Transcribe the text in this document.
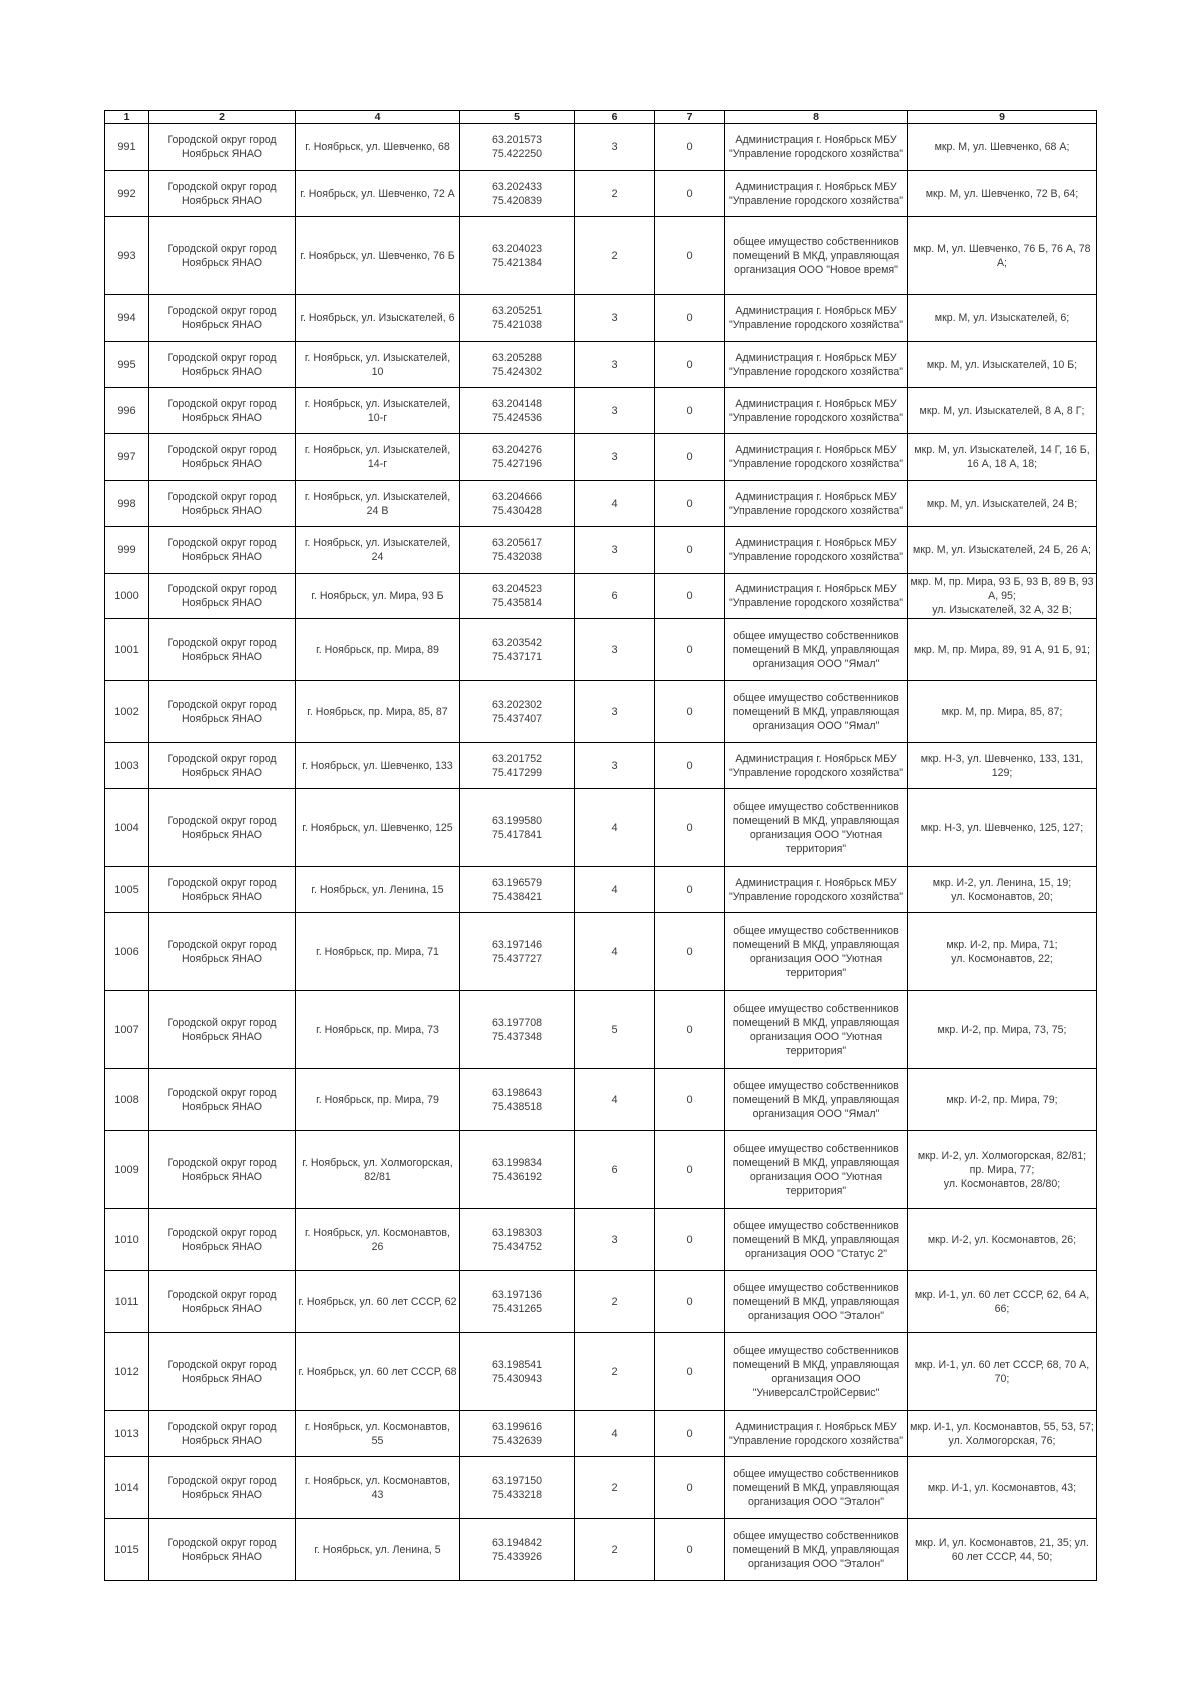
1	2	4	5	6	7	8	9
991	Городской округ город Ноябрьск ЯНАО	г. Ноябрьск, ул. Шевченко, 68	63.201573
75.422250	3	0	Администрация г. Ноябрьск МБУ "Управление городского хозяйства"	мкр. М, ул. Шевченко, 68 А;
992	Городской округ город Ноябрьск ЯНАО	г. Ноябрьск, ул. Шевченко, 72 А	63.202433
75.420839	2	0	Администрация г. Ноябрьск МБУ "Управление городского хозяйства"	мкр. М, ул. Шевченко, 72 В, 64;
993	Городской округ город Ноябрьск ЯНАО	г. Ноябрьск, ул. Шевченко, 76 Б	63.204023
75.421384	2	0	общее имущество собственников помещений В МКД, управляющая организация ООО "Новое время"	мкр. М, ул. Шевченко, 76 Б, 76 А, 78 А;
994	Городской округ город Ноябрьск ЯНАО	г. Ноябрьск, ул. Изыскателей, 6	63.205251
75.421038	3	0	Администрация г. Ноябрьск МБУ "Управление городского хозяйства"	мкр. М, ул. Изыскателей, 6;
995	Городской округ город Ноябрьск ЯНАО	г. Ноябрьск, ул. Изыскателей, 10	63.205288
75.424302	3	0	Администрация г. Ноябрьск МБУ "Управление городского хозяйства"	мкр. М, ул. Изыскателей, 10 Б;
996	Городской округ город Ноябрьск ЯНАО	г. Ноябрьск, ул. Изыскателей, 10-г	63.204148
75.424536	3	0	Администрация г. Ноябрьск МБУ "Управление городского хозяйства"	мкр. М, ул. Изыскателей, 8 А, 8 Г;
997	Городской округ город Ноябрьск ЯНАО	г. Ноябрьск, ул. Изыскателей, 14-г	63.204276
75.427196	3	0	Администрация г. Ноябрьск МБУ "Управление городского хозяйства"	мкр. М, ул. Изыскателей, 14 Г, 16 Б, 16 А, 18 А, 18;
998	Городской округ город Ноябрьск ЯНАО	г. Ноябрьск, ул. Изыскателей, 24 В	63.204666
75.430428	4	0	Администрация г. Ноябрьск МБУ "Управление городского хозяйства"	мкр. М, ул. Изыскателей, 24 В;
999	Городской округ город Ноябрьск ЯНАО	г. Ноябрьск, ул. Изыскателей, 24	63.205617
75.432038	3	0	Администрация г. Ноябрьск МБУ "Управление городского хозяйства"	мкр. М, ул. Изыскателей, 24 Б, 26 А;
1000	Городской округ город Ноябрьск ЯНАО	г. Ноябрьск, ул. Мира, 93 Б	63.204523
75.435814	6	0	Администрация г. Ноябрьск МБУ "Управление городского хозяйства"	мкр. М, пр. Мира, 93 Б, 93 В, 89 В, 93 А, 95;
ул. Изыскателей, 32 А, 32 В;
1001	Городской округ город Ноябрьск ЯНАО	г. Ноябрьск, пр. Мира, 89	63.203542
75.437171	3	0	общее имущество собственников помещений В МКД, управляющая организация ООО "Ямал"	мкр. М, пр. Мира, 89, 91 А, 91 Б, 91;
1002	Городской округ город Ноябрьск ЯНАО	г. Ноябрьск, пр. Мира, 85, 87	63.202302
75.437407	3	0	общее имущество собственников помещений В МКД, управляющая организация ООО "Ямал"	мкр. М, пр. Мира, 85, 87;
1003	Городской округ город Ноябрьск ЯНАО	г. Ноябрьск, ул. Шевченко, 133	63.201752
75.417299	3	0	Администрация г. Ноябрьск МБУ "Управление городского хозяйства"	мкр. Н-3, ул. Шевченко, 133, 131, 129;
1004	Городской округ город Ноябрьск ЯНАО	г. Ноябрьск, ул. Шевченко, 125	63.199580
75.417841	4	0	общее имущество собственников помещений В МКД, управляющая организация ООО "Уютная территория"	мкр. Н-3, ул. Шевченко, 125, 127;
1005	Городской округ город Ноябрьск ЯНАО	г. Ноябрьск, ул. Ленина, 15	63.196579
75.438421	4	0	Администрация г. Ноябрьск МБУ "Управление городского хозяйства"	мкр. И-2, ул. Ленина, 15, 19;
ул. Космонавтов, 20;
1006	Городской округ город Ноябрьск ЯНАО	г. Ноябрьск, пр. Мира, 71	63.197146
75.437727	4	0	общее имущество собственников помещений В МКД, управляющая организация ООО "Уютная территория"	мкр. И-2, пр. Мира, 71;
ул. Космонавтов, 22;
1007	Городской округ город Ноябрьск ЯНАО	г. Ноябрьск, пр. Мира, 73	63.197708
75.437348	5	0	общее имущество собственников помещений В МКД, управляющая организация ООО "Уютная территория"	мкр. И-2, пр. Мира, 73, 75;
1008	Городской округ город Ноябрьск ЯНАО	г. Ноябрьск, пр. Мира, 79	63.198643
75.438518	4	0	общее имущество собственников помещений В МКД, управляющая организация ООО "Ямал"	мкр. И-2, пр. Мира, 79;
1009	Городской округ город Ноябрьск ЯНАО	г. Ноябрьск, ул. Холмогорская, 82/81	63.199834
75.436192	6	0	общее имущество собственников помещений В МКД, управляющая организация ООО "Уютная территория"	мкр. И-2, ул. Холмогорская, 82/81;
пр. Мира, 77;
ул. Космонавтов, 28/80;
1010	Городской округ город Ноябрьск ЯНАО	г. Ноябрьск, ул. Космонавтов, 26	63.198303
75.434752	3	0	общее имущество собственников помещений В МКД, управляющая организация ООО "Статус 2"	мкр. И-2, ул. Космонавтов, 26;
1011	Городской округ город Ноябрьск ЯНАО	г. Ноябрьск, ул. 60 лет СССР, 62	63.197136
75.431265	2	0	общее имущество собственников помещений В МКД, управляющая организация ООО "Эталон"	мкр. И-1, ул. 60 лет СССР, 62, 64 А, 66;
1012	Городской округ город Ноябрьск ЯНАО	г. Ноябрьск, ул. 60 лет СССР, 68	63.198541
75.430943	2	0	общее имущество собственников помещений В МКД, управляющая организация ООО "УниверсалСтройСервис"	мкр. И-1, ул. 60 лет СССР, 68, 70 А, 70;
1013	Городской округ город Ноябрьск ЯНАО	г. Ноябрьск, ул. Космонавтов, 55	63.199616
75.432639	4	0	Администрация г. Ноябрьск МБУ "Управление городского хозяйства"	мкр. И-1, ул. Космонавтов, 55, 53, 57; ул. Холмогорская, 76;
1014	Городской округ город Ноябрьск ЯНАО	г. Ноябрьск, ул. Космонавтов, 43	63.197150
75.433218	2	0	общее имущество собственников помещений В МКД, управляющая организация ООО "Эталон"	мкр. И-1, ул. Космонавтов, 43;
1015	Городской округ город Ноябрьск ЯНАО	г. Ноябрьск, ул. Ленина, 5	63.194842
75.433926	2	0	общее имущество собственников помещений В МКД, управляющая организация ООО "Эталон"	мкр. И, ул. Космонавтов, 21, 35; ул. 60 лет СССР, 44, 50;
